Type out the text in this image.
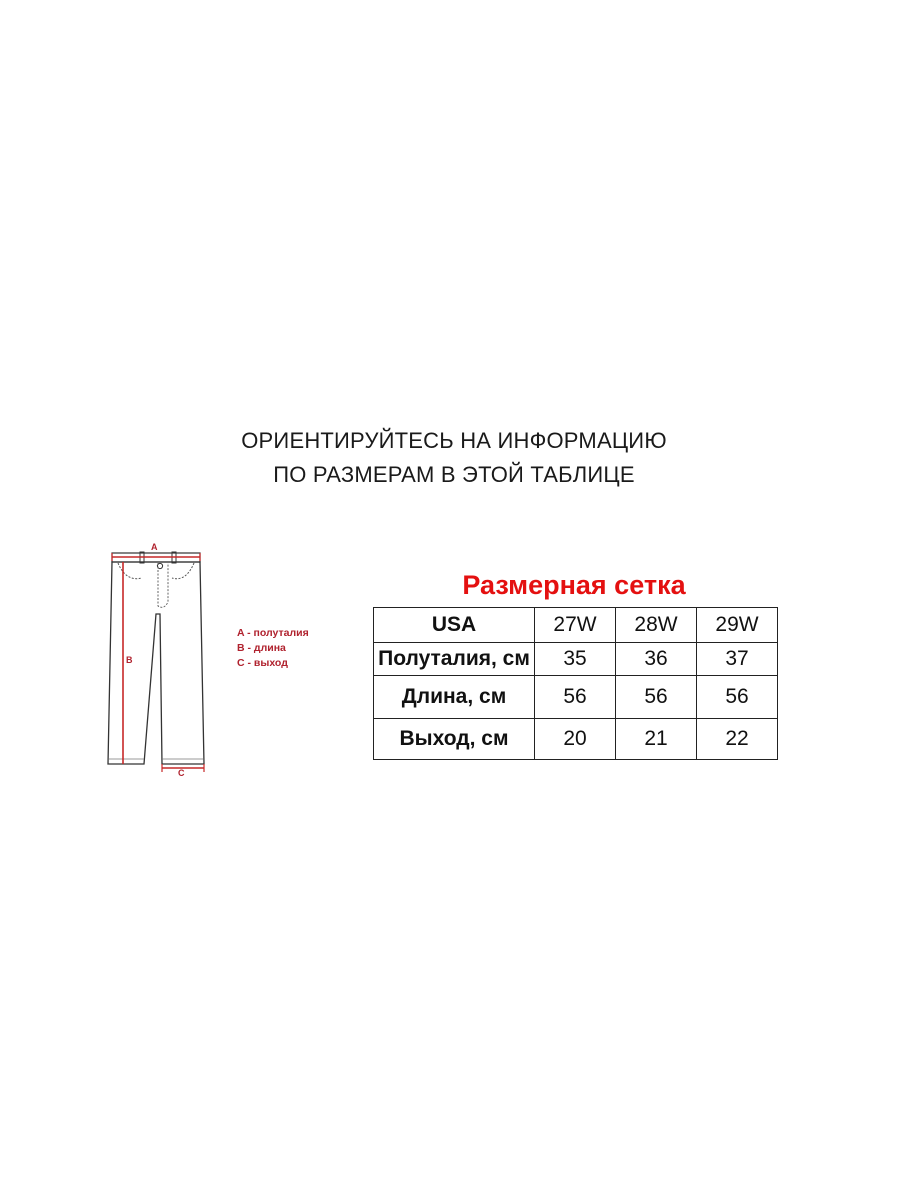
ОРИЕНТИРУЙТЕСЬ НА ИНФОРМАЦИЮ
ПО РАЗМЕРАМ В ЭТОЙ ТАБЛИЦЕ
A
B
C
A - полуталия
B - длина
C - выход
Размерная сетка
USA	27W	28W	29W
Полуталия, см	35	36	37
Длина, см	56	56	56
Выход, см	20	21	22
